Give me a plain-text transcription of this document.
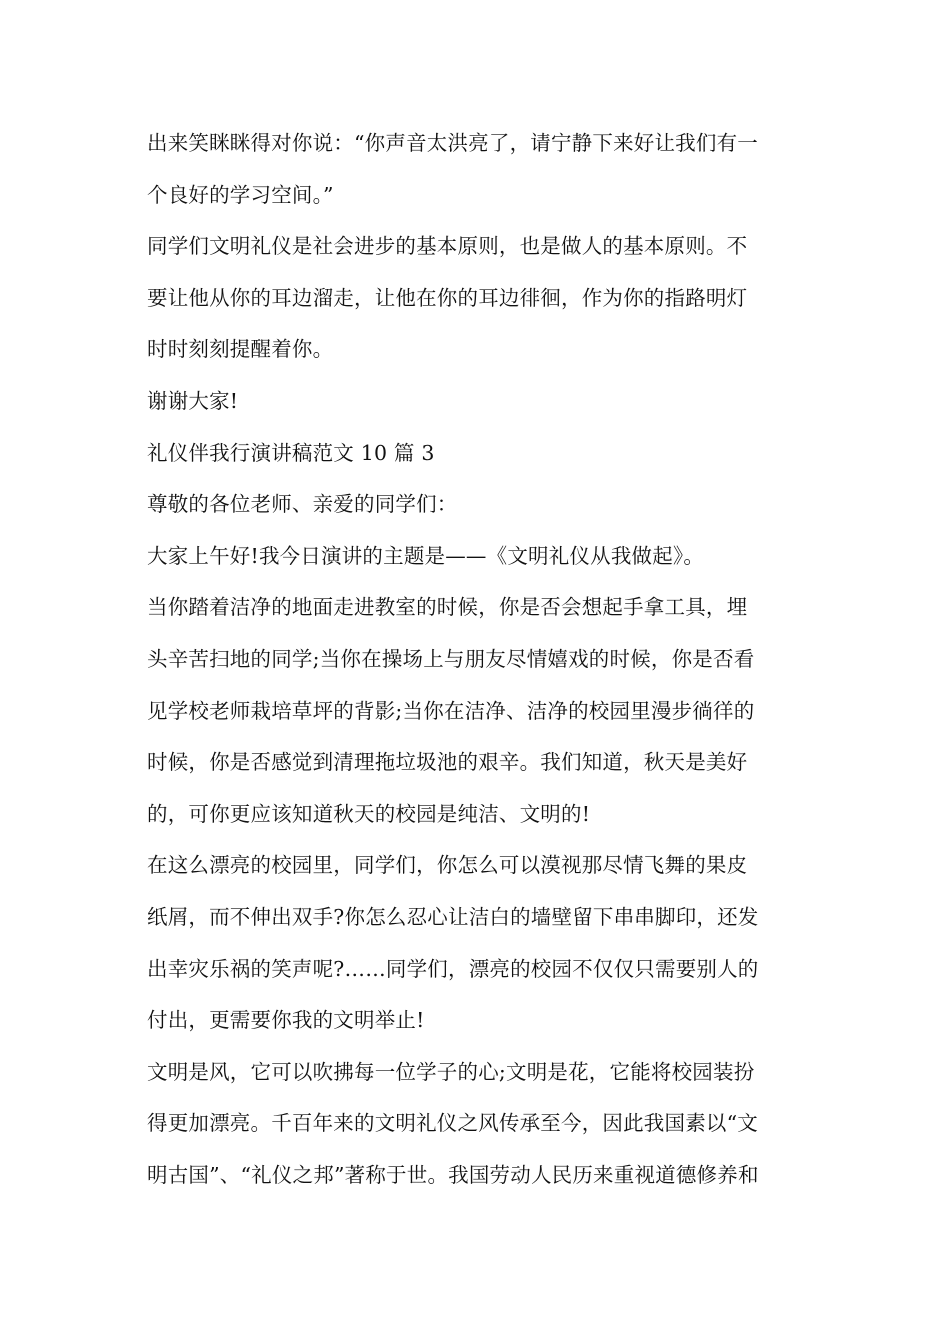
出来笑眯眯得对你说：“你声音太洪亮了，请宁静下来好让我们有一
个良好的学习空间。”
同学们文明礼仪是社会进步的基本原则，也是做人的基本原则。不
要让他从你的耳边溜走，让他在你的耳边徘徊，作为你的指路明灯
时时刻刻提醒着你。
谢谢大家!
礼仪伴我行演讲稿范文 10 篇 3
尊敬的各位老师、亲爱的同学们：
大家上午好!我今日演讲的主题是——《文明礼仪从我做起》。
当你踏着洁净的地面走进教室的时候，你是否会想起手拿工具，埋
头辛苦扫地的同学;当你在操场上与朋友尽情嬉戏的时候，你是否看
见学校老师栽培草坪的背影;当你在洁净、洁净的校园里漫步徜徉的
时候，你是否感觉到清理拖垃圾池的艰辛。我们知道，秋天是美好
的，可你更应该知道秋天的校园是纯洁、文明的!
在这么漂亮的校园里，同学们，你怎么可以漠视那尽情飞舞的果皮
纸屑，而不伸出双手?你怎么忍心让洁白的墙壁留下串串脚印，还发
出幸灾乐祸的笑声呢?……同学们，漂亮的校园不仅仅只需要别人的
付出，更需要你我的文明举止!
文明是风，它可以吹拂每一位学子的心;文明是花，它能将校园装扮
得更加漂亮。千百年来的文明礼仪之风传承至今，因此我国素以“文
明古国”、“礼仪之邦”著称于世。我国劳动人民历来重视道德修养和
